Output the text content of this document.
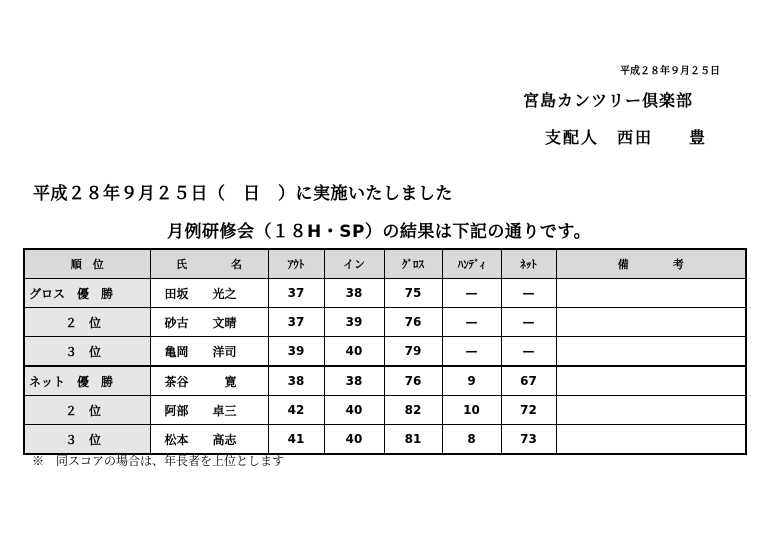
平成２８年９月２５日
宮島カンツリー倶楽部
支配人　西田　　豊
平成２８年９月２５日（　日　）に実施いたしました
月例研修会（１８H・SP）の結果は下記の通りです。
順　位	氏　　　　名	ｱｳﾄ	イン	ｸﾞﾛｽ	ﾊﾝﾃﾞｨ	ﾈｯﾄ	備　　　　考
グロス　優　勝	田坂　　光之	37	38	75	—	—	
　　　２　位	砂古　　文晴	37	39	76	—	—	
　　　３　位	亀岡　　洋司	39	40	79	—	—	
ネット　優　勝	茶谷　　　寛	38	38	76	9	67	
　　　２　位	阿部　　卓三	42	40	82	10	72	
　　　３　位	松本　　高志	41	40	81	8	73	
※　同スコアの場合は、年長者を上位とします
